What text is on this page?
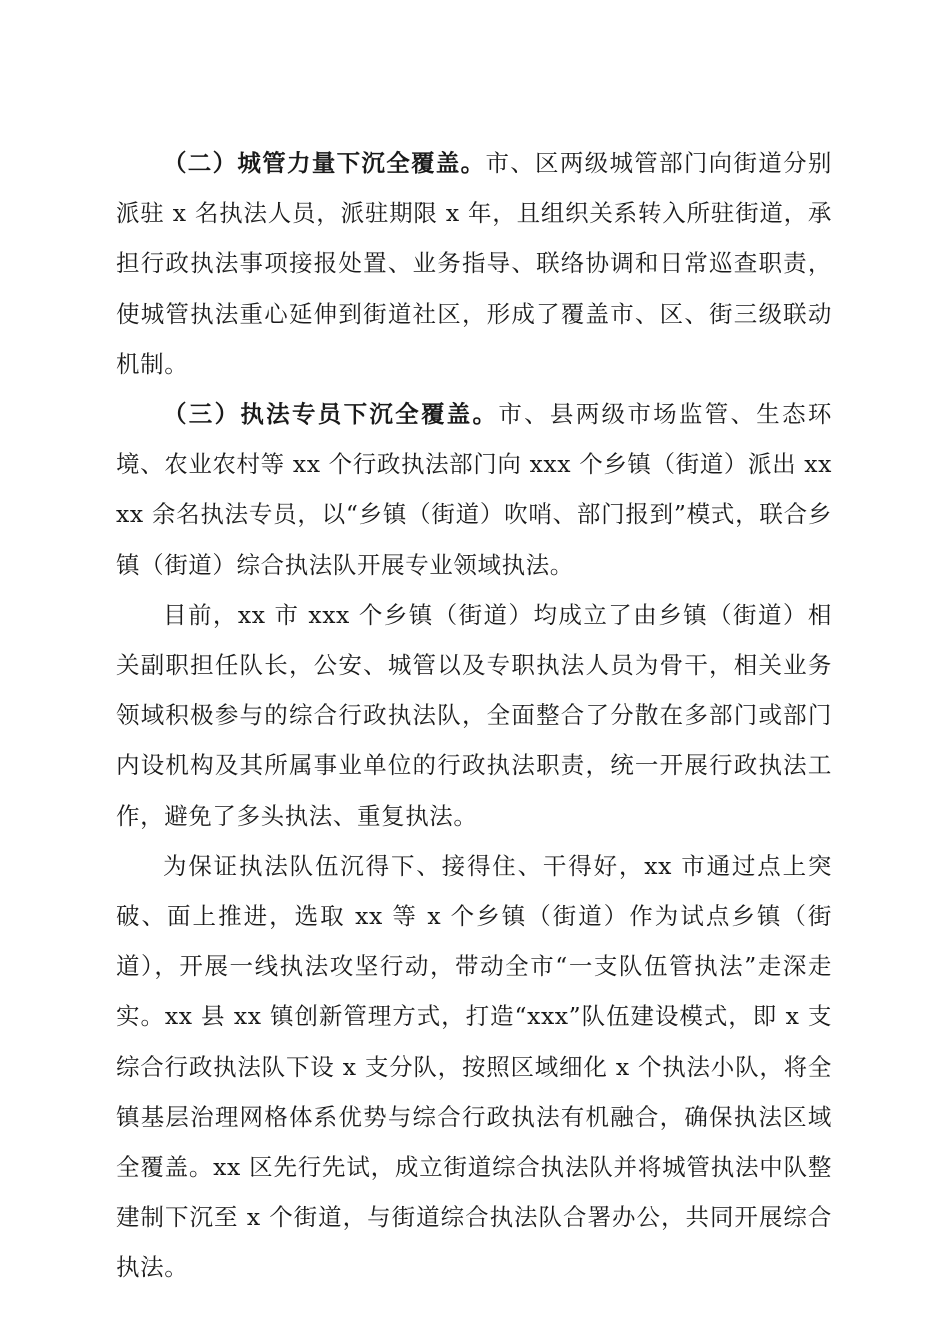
（二）城管力量下沉全覆盖。市、区两级城管部门向街道分别派驻 x 名执法人员，派驻期限 x 年，且组织关系转入所驻街道，承担行政执法事项接报处置、业务指导、联络协调和日常巡查职责，使城管执法重心延伸到街道社区，形成了覆盖市、区、街三级联动机制。

（三）执法专员下沉全覆盖。市、县两级市场监管、生态环境、农业农村等 xx 个行政执法部门向 xxx 个乡镇（街道）派出 xxxx 余名执法专员，以“乡镇（街道）吹哨、部门报到”模式，联合乡镇（街道）综合执法队开展专业领域执法。

目前，xx 市 xxx 个乡镇（街道）均成立了由乡镇（街道）相关副职担任队长，公安、城管以及专职执法人员为骨干，相关业务领域积极参与的综合行政执法队，全面整合了分散在多部门或部门内设机构及其所属事业单位的行政执法职责，统一开展行政执法工作，避免了多头执法、重复执法。

为保证执法队伍沉得下、接得住、干得好，xx 市通过点上突破、面上推进，选取 xx 等 x 个乡镇（街道）作为试点乡镇（街道），开展一线执法攻坚行动，带动全市“一支队伍管执法”走深走实。xx 县 xx 镇创新管理方式，打造“xxx”队伍建设模式，即 x 支综合行政执法队下设 x 支分队，按照区域细化 x 个执法小队，将全镇基层治理网格体系优势与综合行政执法有机融合，确保执法区域全覆盖。xx 区先行先试，成立街道综合执法队并将城管执法中队整建制下沉至 x 个街道，与街道综合执法队合署办公，共同开展综合执法。
